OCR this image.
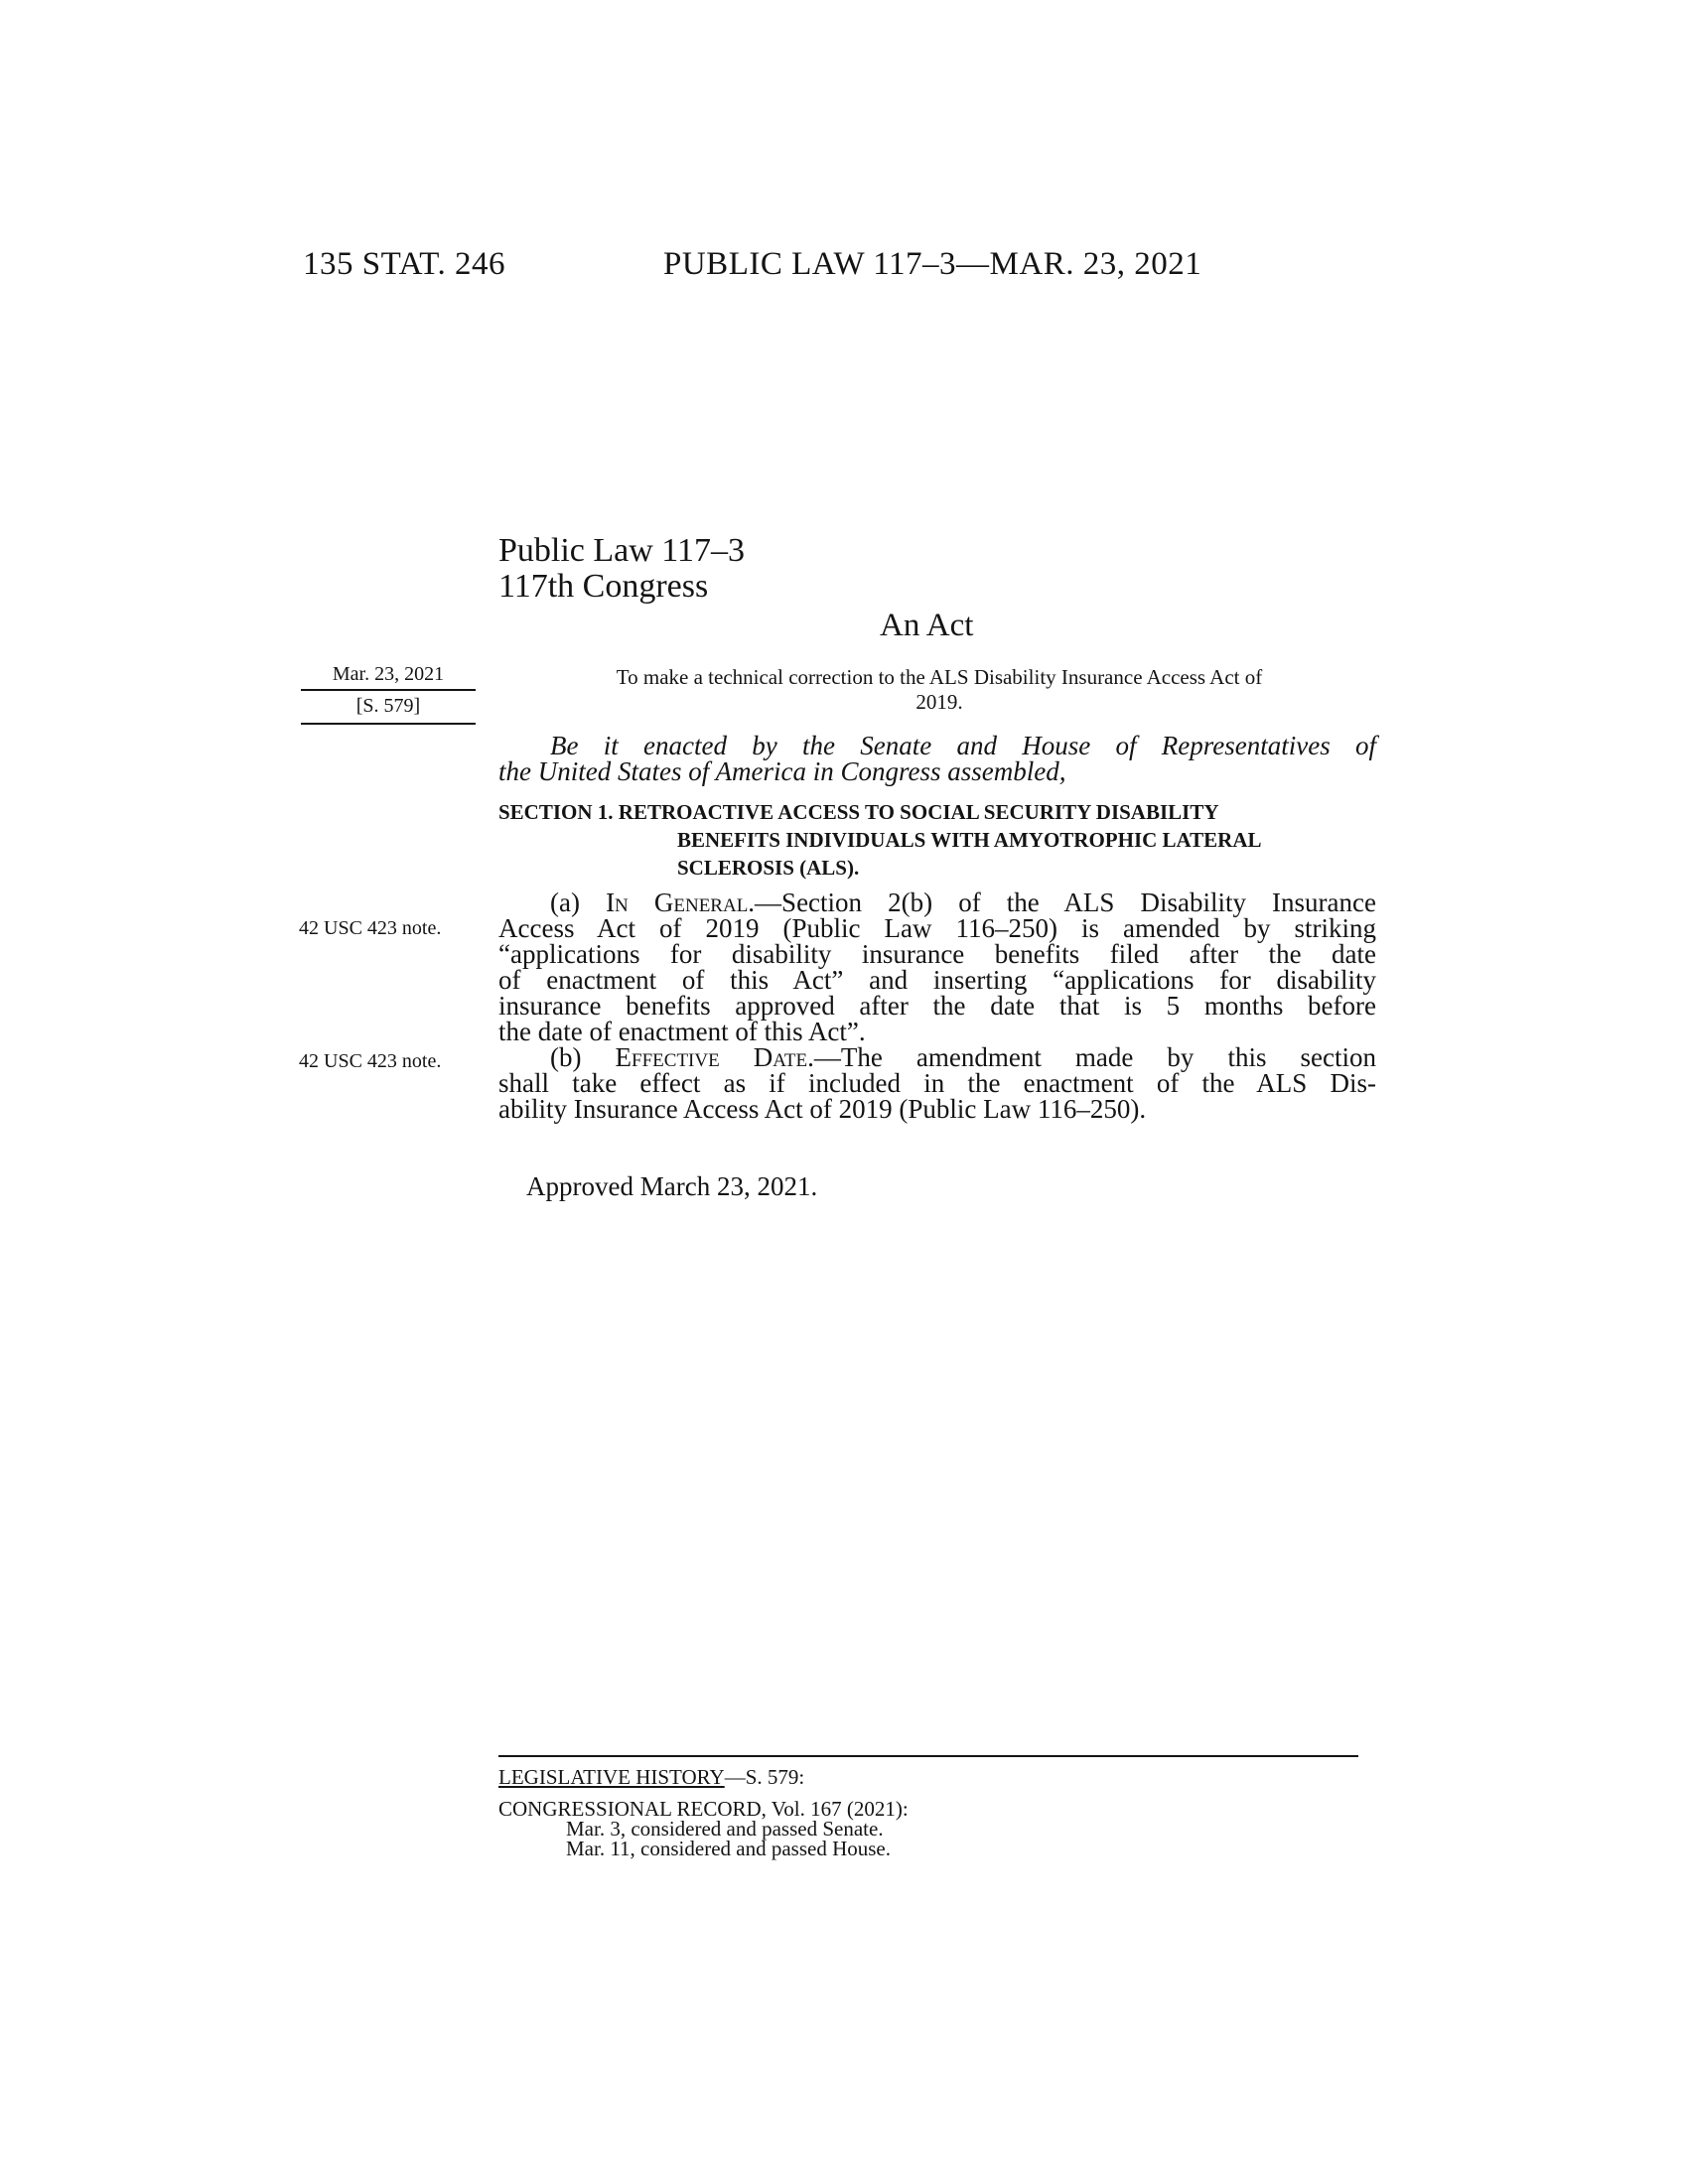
135 STAT. 246	PUBLIC LAW 117–3—MAR. 23, 2021
Public Law 117–3
117th Congress
An Act
Mar. 23, 2021
[S. 579]
To make a technical correction to the ALS Disability Insurance Access Act of
2019.
Be it enacted by the Senate and House of Representatives of
the United States of America in Congress assembled,
SECTION 1. RETROACTIVE ACCESS TO SOCIAL SECURITY DISABILITY
BENEFITS INDIVIDUALS WITH AMYOTROPHIC LATERAL
SCLEROSIS (ALS).
42 USC 423 note.
42 USC 423 note.
(a) In General.—Section 2(b) of the ALS Disability Insurance
Access Act of 2019 (Public Law 116–250) is amended by striking
“applications for disability insurance benefits filed after the date
of enactment of this Act” and inserting “applications for disability
insurance benefits approved after the date that is 5 months before
the date of enactment of this Act”.
(b) Effective Date.—The amendment made by this section
shall take effect as if included in the enactment of the ALS Dis-
ability Insurance Access Act of 2019 (Public Law 116–250).
Approved March 23, 2021.
LEGISLATIVE HISTORY—S. 579:
CONGRESSIONAL RECORD, Vol. 167 (2021):
Mar. 3, considered and passed Senate.
Mar. 11, considered and passed House.
